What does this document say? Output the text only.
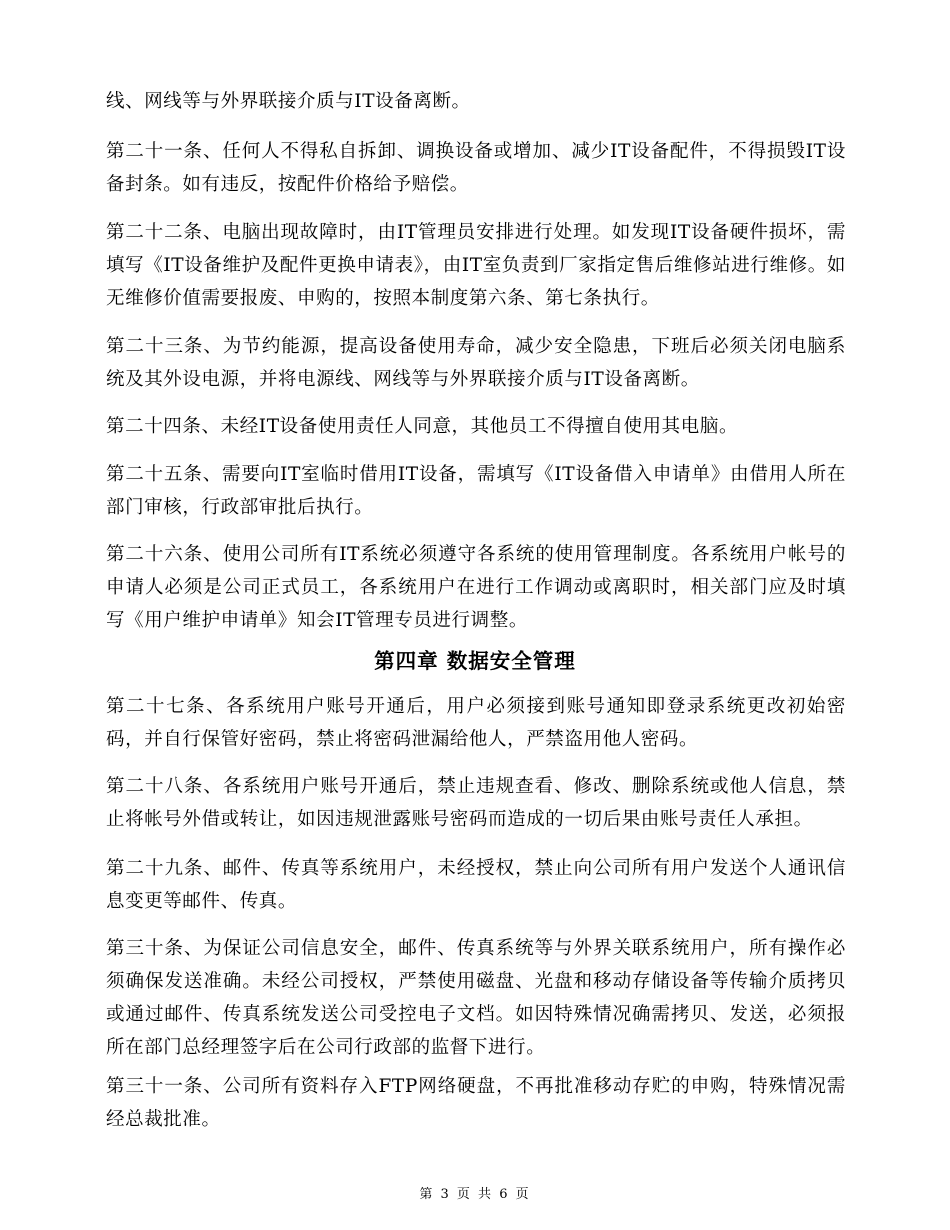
线、网线等与外界联接介质与IT设备离断。

第二十一条、任何人不得私自拆卸、调换设备或增加、减少IT设备配件，不得损毁IT设备封条。如有违反，按配件价格给予赔偿。

第二十二条、电脑出现故障时，由IT管理员安排进行处理。如发现IT设备硬件损坏，需填写《IT设备维护及配件更换申请表》，由IT室负责到厂家指定售后维修站进行维修。如无维修价值需要报废、申购的，按照本制度第六条、第七条执行。

第二十三条、为节约能源，提高设备使用寿命，减少安全隐患，下班后必须关闭电脑系统及其外设电源，并将电源线、网线等与外界联接介质与IT设备离断。

第二十四条、未经IT设备使用责任人同意，其他员工不得擅自使用其电脑。

第二十五条、需要向IT室临时借用IT设备，需填写《IT设备借入申请单》由借用人所在部门审核，行政部审批后执行。

第二十六条、使用公司所有IT系统必须遵守各系统的使用管理制度。各系统用户帐号的申请人必须是公司正式员工，各系统用户在进行工作调动或离职时，相关部门应及时填写《用户维护申请单》知会IT管理专员进行调整。

第四章 数据安全管理

第二十七条、各系统用户账号开通后，用户必须接到账号通知即登录系统更改初始密码，并自行保管好密码，禁止将密码泄漏给他人，严禁盗用他人密码。

第二十八条、各系统用户账号开通后，禁止违规查看、修改、删除系统或他人信息，禁止将帐号外借或转让，如因违规泄露账号密码而造成的一切后果由账号责任人承担。

第二十九条、邮件、传真等系统用户，未经授权，禁止向公司所有用户发送个人通讯信息变更等邮件、传真。

第三十条、为保证公司信息安全，邮件、传真系统等与外界关联系统用户，所有操作必须确保发送准确。未经公司授权，严禁使用磁盘、光盘和移动存储设备等传输介质拷贝或通过邮件、传真系统发送公司受控电子文档。如因特殊情况确需拷贝、发送，必须报所在部门总经理签字后在公司行政部的监督下进行。

第三十一条、公司所有资料存入FTP网络硬盘，不再批准移动存贮的申购，特殊情况需经总裁批准。

第 3 页 共 6 页
